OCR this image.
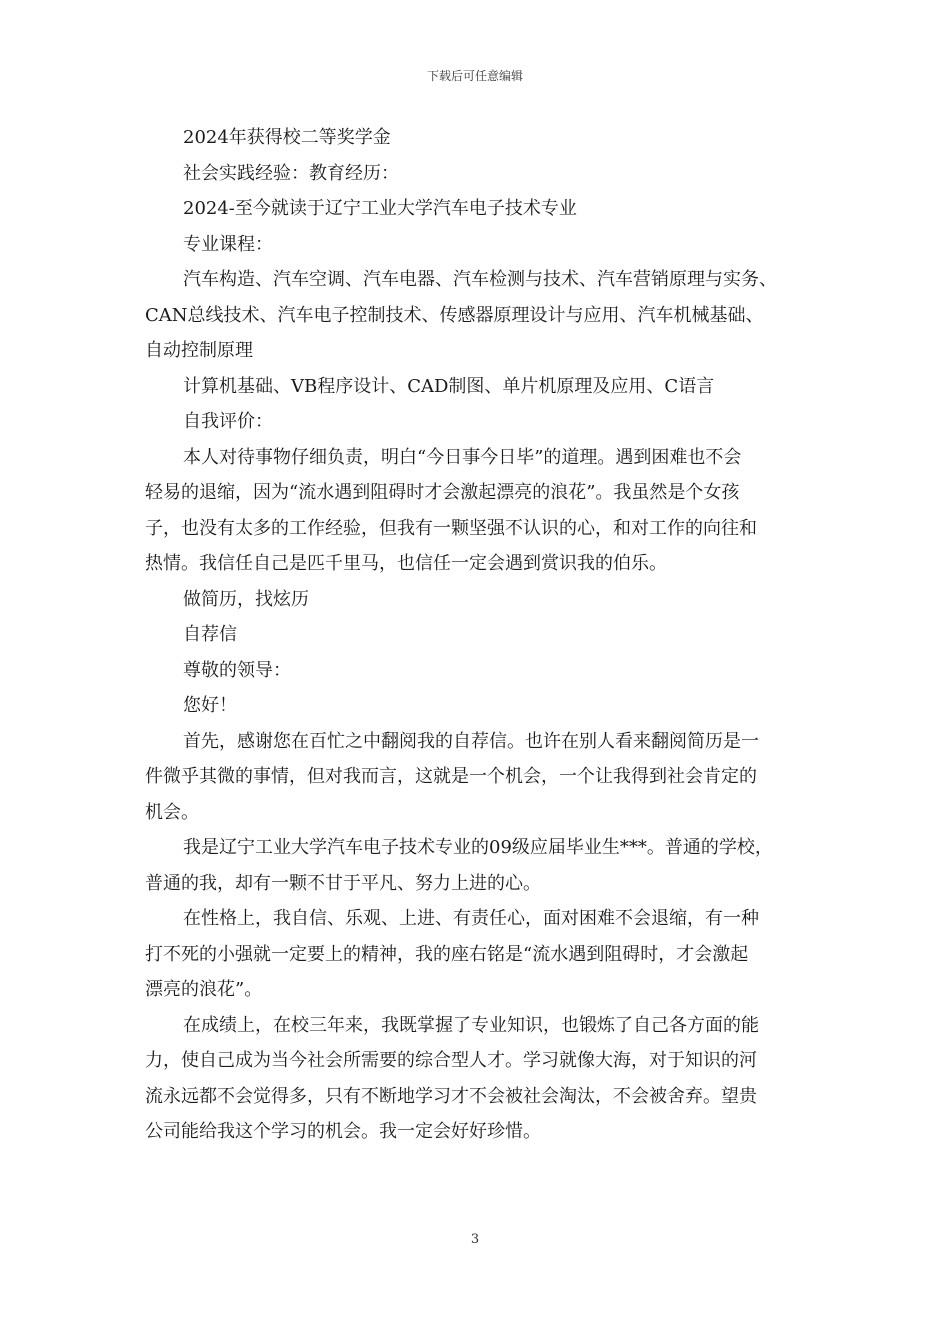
下载后可任意编辑
2024年获得校二等奖学金
社会实践经验：教育经历：
2024-至今就读于辽宁工业大学汽车电子技术专业
专业课程：
汽车构造、汽车空调、汽车电器、汽车检测与技术、汽车营销原理与实务、
CAN总线技术、汽车电子控制技术、传感器原理设计与应用、汽车机械基础、
自动控制原理
计算机基础、VB程序设计、CAD制图、单片机原理及应用、C语言
自我评价：
本人对待事物仔细负责，明白“今日事今日毕”的道理。遇到困难也不会
轻易的退缩，因为“流水遇到阻碍时才会激起漂亮的浪花”。我虽然是个女孩
子，也没有太多的工作经验，但我有一颗坚强不认识的心，和对工作的向往和
热情。我信任自己是匹千里马，也信任一定会遇到赏识我的伯乐。
做简历，找炫历
自荐信
尊敬的领导：
您好！
首先，感谢您在百忙之中翻阅我的自荐信。也许在别人看来翻阅简历是一
件微乎其微的事情，但对我而言，这就是一个机会，一个让我得到社会肯定的
机会。
我是辽宁工业大学汽车电子技术专业的09级应届毕业生***。普通的学校，
普通的我，却有一颗不甘于平凡、努力上进的心。
在性格上，我自信、乐观、上进、有责任心，面对困难不会退缩，有一种
打不死的小强就一定要上的精神，我的座右铭是“流水遇到阻碍时，才会激起
漂亮的浪花”。
在成绩上，在校三年来，我既掌握了专业知识，也锻炼了自己各方面的能
力，使自己成为当今社会所需要的综合型人才。学习就像大海，对于知识的河
流永远都不会觉得多，只有不断地学习才不会被社会淘汰，不会被舍弃。望贵
公司能给我这个学习的机会。我一定会好好珍惜。
3
